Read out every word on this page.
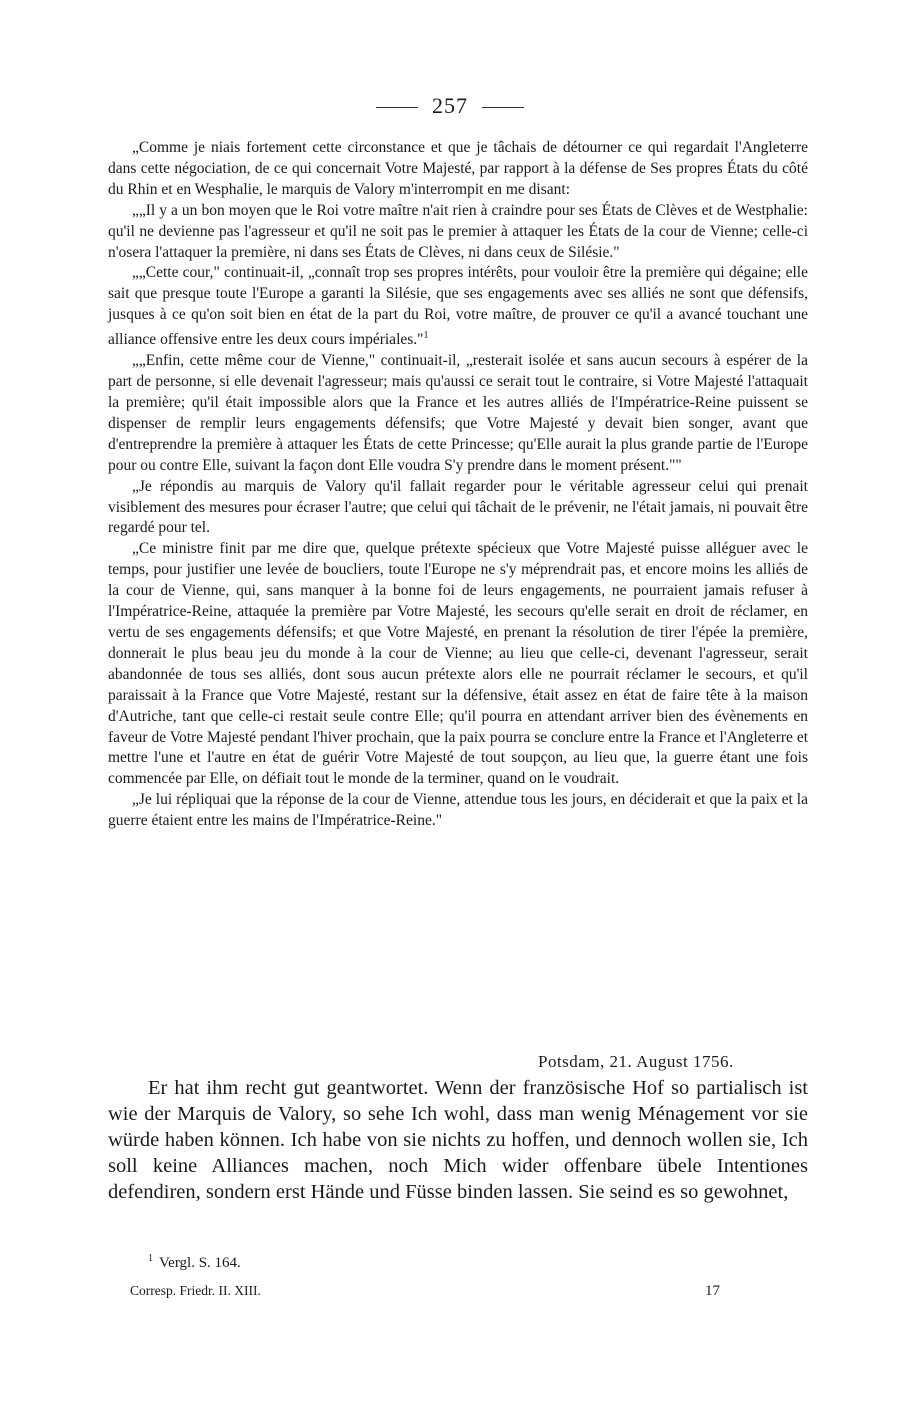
257

„Comme je niais fortement cette circonstance et que je tâchais de détourner ce qui regardait l'Angleterre dans cette négociation, de ce qui concernait Votre Majesté, par rapport à la défense de Ses propres États du côté du Rhin et en Wesphalie, le marquis de Valory m'interrompit en me disant:

„„Il y a un bon moyen que le Roi votre maître n'ait rien à craindre pour ses États de Clèves et de Westphalie: qu'il ne devienne pas l'agresseur et qu'il ne soit pas le premier à attaquer les États de la cour de Vienne; celle-ci n'osera l'attaquer la première, ni dans ses États de Clèves, ni dans ceux de Silésie."

„„Cette cour," continuait-il, „connaît trop ses propres intérêts, pour vouloir être la première qui dégaine; elle sait que presque toute l'Europe a garanti la Silésie, que ses engagements avec ses alliés ne sont que défensifs, jusques à ce qu'on soit bien en état de la part du Roi, votre maître, de prouver ce qu'il a avancé touchant une alliance offensive entre les deux cours impériales."$^1$

„„Enfin, cette même cour de Vienne," continuait-il, „resterait isolée et sans aucun secours à espérer de la part de personne, si elle devenait l'agresseur; mais qu'aussi ce serait tout le contraire, si Votre Majesté l'attaquait la première; qu'il était impossible alors que la France et les autres alliés de l'Impératrice-Reine puissent se dispenser de remplir leurs engagements défensifs; que Votre Majesté y devait bien songer, avant que d'entreprendre la première à attaquer les États de cette Princesse; qu'Elle aurait la plus grande partie de l'Europe pour ou contre Elle, suivant la façon dont Elle voudra S'y prendre dans le moment présent.""

„Je répondis au marquis de Valory qu'il fallait regarder pour le véritable agresseur celui qui prenait visiblement des mesures pour écraser l'autre; que celui qui tâchait de le prévenir, ne l'était jamais, ni pouvait être regardé pour tel.

„Ce ministre finit par me dire que, quelque prétexte spécieux que Votre Majesté puisse alléguer avec le temps, pour justifier une levée de boucliers, toute l'Europe ne s'y méprendrait pas, et encore moins les alliés de la cour de Vienne, qui, sans manquer à la bonne foi de leurs engagements, ne pourraient jamais refuser à l'Impératrice-Reine, attaquée la première par Votre Majesté, les secours qu'elle serait en droit de réclamer, en vertu de ses engagements défensifs; et que Votre Majesté, en prenant la résolution de tirer l'épée la première, donnerait le plus beau jeu du monde à la cour de Vienne; au lieu que celle-ci, devenant l'agresseur, serait abandonnée de tous ses alliés, dont sous aucun prétexte alors elle ne pourrait réclamer le secours, et qu'il paraissait à la France que Votre Majesté, restant sur la défensive, était assez en état de faire tête à la maison d'Autriche, tant que celle-ci restait seule contre Elle; qu'il pourra en attendant arriver bien des évènements en faveur de Votre Majesté pendant l'hiver prochain, que la paix pourra se conclure entre la France et l'Angleterre et mettre l'une et l'autre en état de guérir Votre Majesté de tout soupçon, au lieu que, la guerre étant une fois commencée par Elle, on défiait tout le monde de la terminer, quand on le voudrait.

„Je lui répliquai que la réponse de la cour de Vienne, attendue tous les jours, en déciderait et que la paix et la guerre étaient entre les mains de l'Impératrice-Reine."

Potsdam, 21. August 1756.

Er hat ihm recht gut geantwortet. Wenn der französische Hof so partialisch ist wie der Marquis de Valory, so sehe Ich wohl, dass man wenig Ménagement vor sie würde haben können. Ich habe von sie nichts zu hoffen, und dennoch wollen sie, Ich soll keine Alliances machen, noch Mich wider offenbare übele Intentiones defendiren, sondern erst Hände und Füsse binden lassen. Sie seind es so gewohnet,

$^1$ Vergl. S. 164.
Corresp. Friedr. II. XIII.	17
